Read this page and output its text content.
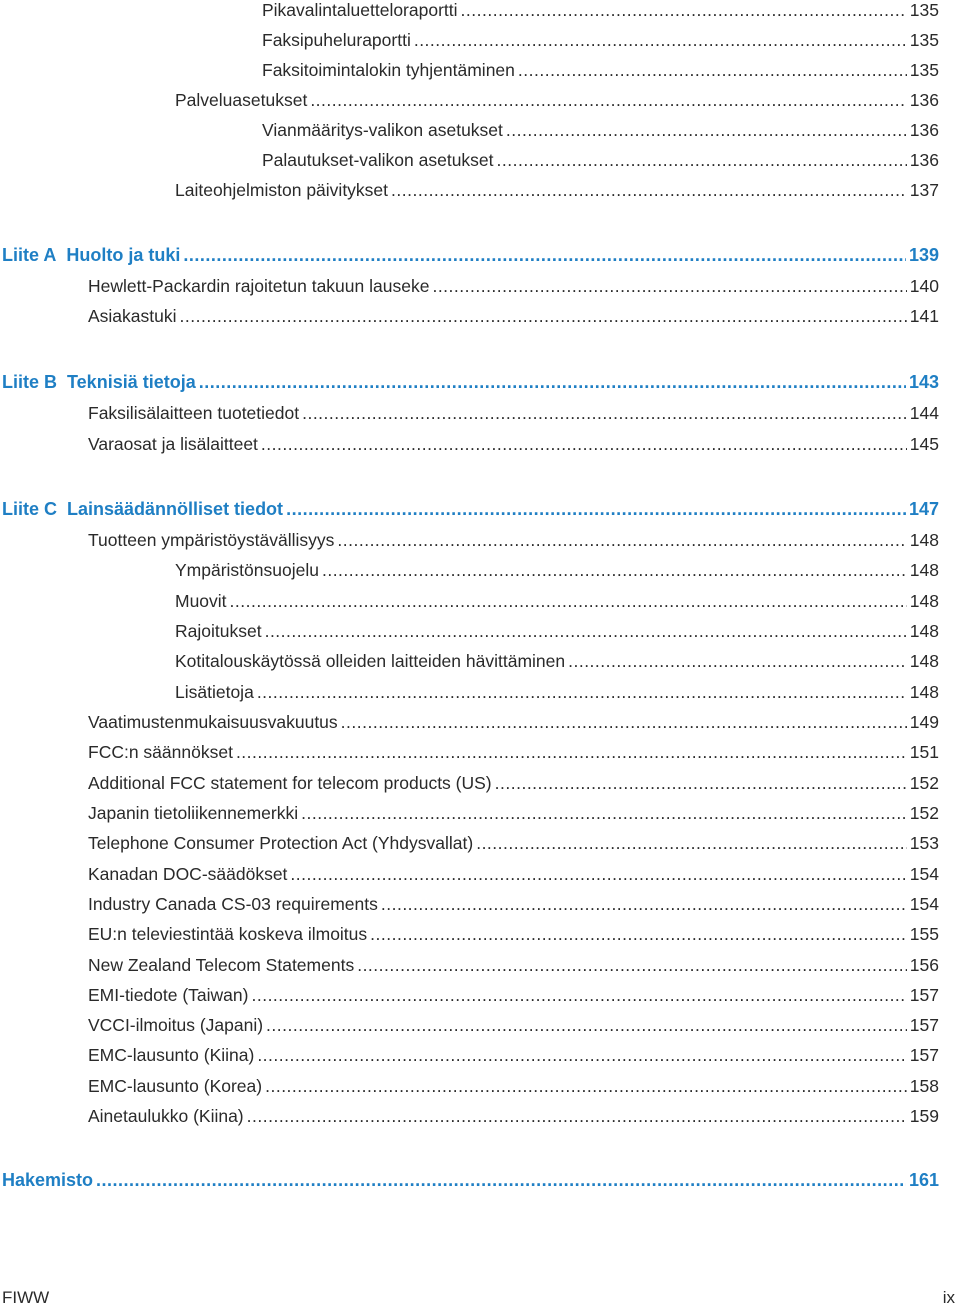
Pikavalintaluetteloraportti .....	135
Faksipuheluraportti .....	135
Faksitoimintalokin tyhjentäminen .....	135
Palveluasetukset .....	136
Vianmääritys-valikon asetukset .....	136
Palautukset-valikon asetukset .....	136
Laiteohjelmiston päivitykset .....	137
Liite A Huolto ja tuki .....	139
Hewlett-Packardin rajoitetun takuun lauseke .....	140
Asiakastuki .....	141
Liite B Teknisiä tietoja .....	143
Faksilisälaitteen tuotetiedot .....	144
Varaosat ja lisälaitteet .....	145
Liite C Lainsäädännölliset tiedot .....	147
Tuotteen ympäristöystävällisyys .....	148
Ympäristönsuojelu .....	148
Muovit .....	148
Rajoitukset .....	148
Kotitalouskäytössä olleiden laitteiden hävittäminen .....	148
Lisätietoja .....	148
Vaatimustenmukaisuusvakuutus .....	149
FCC:n säännökset .....	151
Additional FCC statement for telecom products (US) .....	152
Japanin tietoliikennemerkki .....	152
Telephone Consumer Protection Act (Yhdysvallat) .....	153
Kanadan DOC-säädökset .....	154
Industry Canada CS-03 requirements .....	154
EU:n televiestintää koskeva ilmoitus .....	155
New Zealand Telecom Statements .....	156
EMI-tiedote (Taiwan) .....	157
VCCI-ilmoitus (Japani) .....	157
EMC-lausunto (Kiina) .....	157
EMC-lausunto (Korea) .....	158
Ainetaulukko (Kiina) .....	159
Hakemisto .....	161
FIWW	ix
